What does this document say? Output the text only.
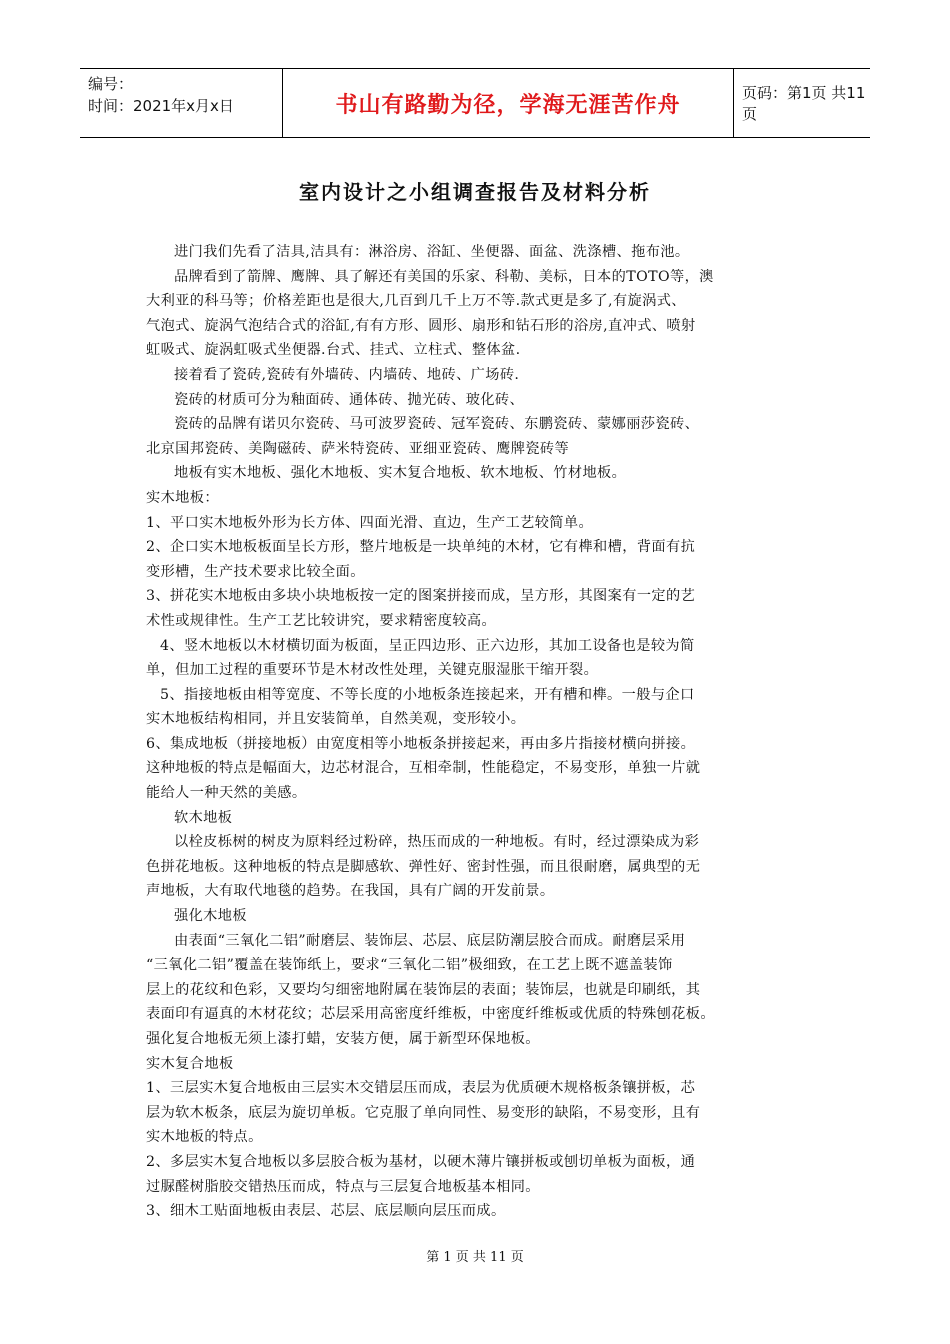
编号：
时间：2021年x月x日	书山有路勤为径，学海无涯苦作舟	页码：第1页 共11页
室内设计之小组调查报告及材料分析
进门我们先看了洁具,洁具有：淋浴房、浴缸、坐便器、面盆、洗涤槽、拖布池。
品牌看到了箭牌、鹰牌、具了解还有美国的乐家、科勒、美标，日本的TOTO等，澳
大利亚的科马等；价格差距也是很大,几百到几千上万不等.款式更是多了,有旋涡式、
气泡式、旋涡气泡结合式的浴缸,有有方形、圆形、扇形和钻石形的浴房,直冲式、喷射
虹吸式、旋涡虹吸式坐便器.台式、挂式、立柱式、整体盆.
接着看了瓷砖,瓷砖有外墙砖、内墙砖、地砖、广场砖.
瓷砖的材质可分为釉面砖、通体砖、抛光砖、玻化砖、
瓷砖的品牌有诺贝尔瓷砖、马可波罗瓷砖、冠军瓷砖、东鹏瓷砖、蒙娜丽莎瓷砖、
北京国邦瓷砖、美陶磁砖、萨米特瓷砖、亚细亚瓷砖、鹰牌瓷砖等
地板有实木地板、强化木地板、实木复合地板、软木地板、竹材地板。
实木地板：
1、平口实木地板外形为长方体、四面光滑、直边，生产工艺较简单。
2、企口实木地板板面呈长方形，整片地板是一块单纯的木材，它有榫和槽，背面有抗
变形槽，生产技术要求比较全面。
3、拼花实木地板由多块小块地板按一定的图案拼接而成，呈方形，其图案有一定的艺
术性或规律性。生产工艺比较讲究，要求精密度较高。
4、竖木地板以木材横切面为板面，呈正四边形、正六边形，其加工设备也是较为简
单，但加工过程的重要环节是木材改性处理，关键克服湿胀干缩开裂。
5、指接地板由相等宽度、不等长度的小地板条连接起来，开有槽和榫。一般与企口
实木地板结构相同，并且安装简单，自然美观，变形较小。
6、集成地板（拼接地板）由宽度相等小地板条拼接起来，再由多片指接材横向拼接。
这种地板的特点是幅面大，边芯材混合，互相牵制，性能稳定，不易变形，单独一片就
能给人一种天然的美感。
软木地板
以栓皮栎树的树皮为原料经过粉碎，热压而成的一种地板。有时，经过漂染成为彩
色拼花地板。这种地板的特点是脚感软、弹性好、密封性强，而且很耐磨，属典型的无
声地板，大有取代地毯的趋势。在我国，具有广阔的开发前景。
强化木地板
由表面“三氧化二铝”耐磨层、装饰层、芯层、底层防潮层胶合而成。耐磨层采用
“三氧化二铝”覆盖在装饰纸上，要求“三氧化二铝”极细致，在工艺上既不遮盖装饰
层上的花纹和色彩，又要均匀细密地附属在装饰层的表面；装饰层，也就是印刷纸，其
表面印有逼真的木材花纹；芯层采用高密度纤维板，中密度纤维板或优质的特殊刨花板。
强化复合地板无须上漆打蜡，安装方便，属于新型环保地板。
实木复合地板
1、三层实木复合地板由三层实木交错层压而成，表层为优质硬木规格板条镶拼板，芯
层为软木板条，底层为旋切单板。它克服了单向同性、易变形的缺陷，不易变形，且有
实木地板的特点。
2、多层实木复合地板以多层胶合板为基材，以硬木薄片镶拼板或刨切单板为面板，通
过脲醛树脂胶交错热压而成，特点与三层复合地板基本相同。
3、细木工贴面地板由表层、芯层、底层顺向层压而成。
第 1 页 共 11 页
